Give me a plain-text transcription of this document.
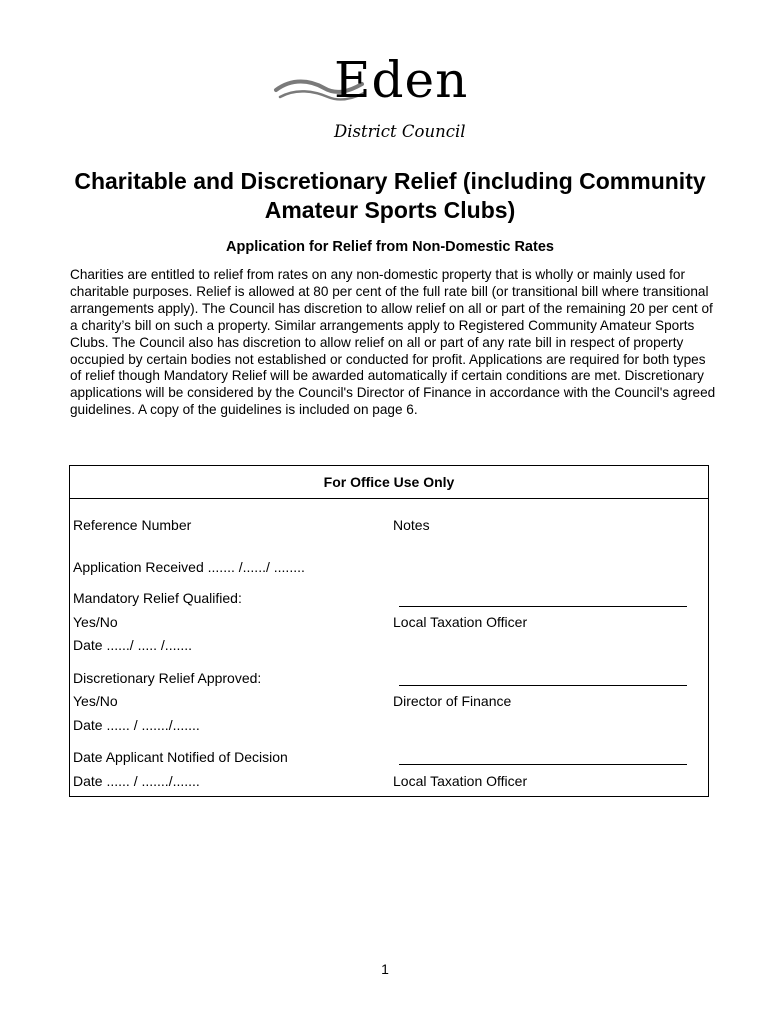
Eden
District Council
Charitable and Discretionary Relief (including Community Amateur Sports Clubs)
Application for Relief from Non-Domestic Rates
Charities are entitled to relief from rates on any non-domestic property that is wholly or mainly used for charitable purposes. Relief is allowed at 80 per cent of the full rate bill (or transitional bill where transitional arrangements apply). The Council has discretion to allow relief on all or part of the remaining 20 per cent of a charity’s bill on such a property. Similar arrangements apply to Registered Community Amateur Sports Clubs. The Council also has discretion to allow relief on all or part of any rate bill in respect of property occupied by certain bodies not established or conducted for profit. Applications are required for both types of relief though Mandatory Relief will be awarded automatically if certain conditions are met. Discretionary applications will be considered by the Council's Director of Finance in accordance with the Council's agreed guidelines. A copy of the guidelines is included on page 6.
For Office Use Only
Reference Number	Notes
Application Received ....... /....../ ........
Mandatory Relief Qualified:
Yes/No	Local Taxation Officer
Date ....../ ..... /.......
Discretionary Relief Approved:
Yes/No	Director of Finance
Date ...... / ......./.......
Date Applicant Notified of Decision
Date ...... / ......./.......	Local Taxation Officer
1
